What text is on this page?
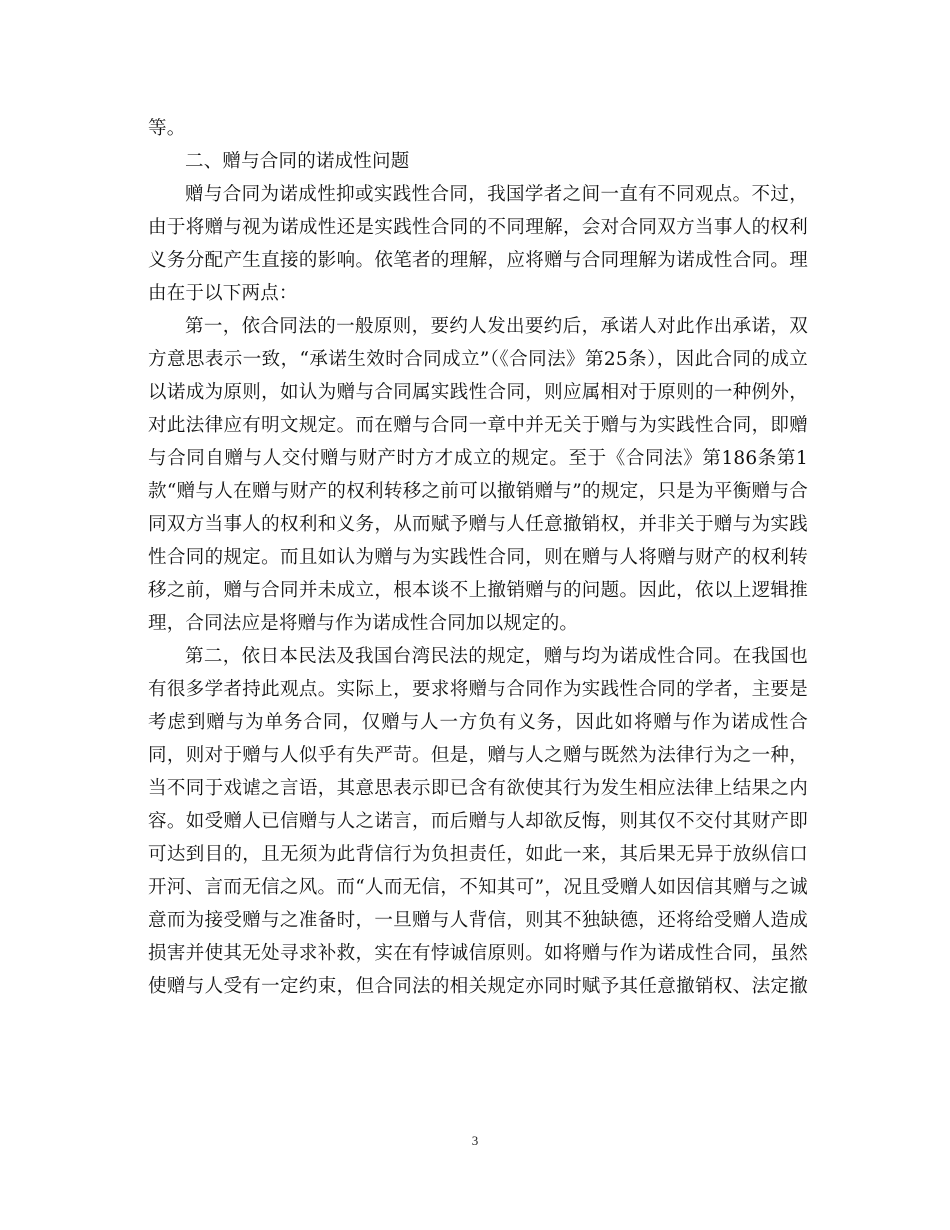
等。
二、赠与合同的诺成性问题
赠与合同为诺成性抑或实践性合同，我国学者之间一直有不同观点。不过，
由于将赠与视为诺成性还是实践性合同的不同理解，会对合同双方当事人的权利
义务分配产生直接的影响。依笔者的理解，应将赠与合同理解为诺成性合同。理
由在于以下两点：
第一，依合同法的一般原则，要约人发出要约后，承诺人对此作出承诺，双
方意思表示一致，“承诺生效时合同成立”（《合同法》第25条），因此合同的成立
以诺成为原则，如认为赠与合同属实践性合同，则应属相对于原则的一种例外，
对此法律应有明文规定。而在赠与合同一章中并无关于赠与为实践性合同，即赠
与合同自赠与人交付赠与财产时方才成立的规定。至于《合同法》第186条第1
款“赠与人在赠与财产的权利转移之前可以撤销赠与”的规定，只是为平衡赠与合
同双方当事人的权利和义务，从而赋予赠与人任意撤销权，并非关于赠与为实践
性合同的规定。而且如认为赠与为实践性合同，则在赠与人将赠与财产的权利转
移之前，赠与合同并未成立，根本谈不上撤销赠与的问题。因此，依以上逻辑推
理，合同法应是将赠与作为诺成性合同加以规定的。
第二，依日本民法及我国台湾民法的规定，赠与均为诺成性合同。在我国也
有很多学者持此观点。实际上，要求将赠与合同作为实践性合同的学者，主要是
考虑到赠与为单务合同，仅赠与人一方负有义务，因此如将赠与作为诺成性合
同，则对于赠与人似乎有失严苛。但是，赠与人之赠与既然为法律行为之一种，
当不同于戏谑之言语，其意思表示即已含有欲使其行为发生相应法律上结果之内
容。如受赠人已信赠与人之诺言，而后赠与人却欲反悔，则其仅不交付其财产即
可达到目的，且无须为此背信行为负担责任，如此一来，其后果无异于放纵信口
开河、言而无信之风。而“人而无信，不知其可”，况且受赠人如因信其赠与之诚
意而为接受赠与之准备时，一旦赠与人背信，则其不独缺德，还将给受赠人造成
损害并使其无处寻求补救，实在有悖诚信原则。如将赠与作为诺成性合同，虽然
使赠与人受有一定约束，但合同法的相关规定亦同时赋予其任意撤销权、法定撤
3
